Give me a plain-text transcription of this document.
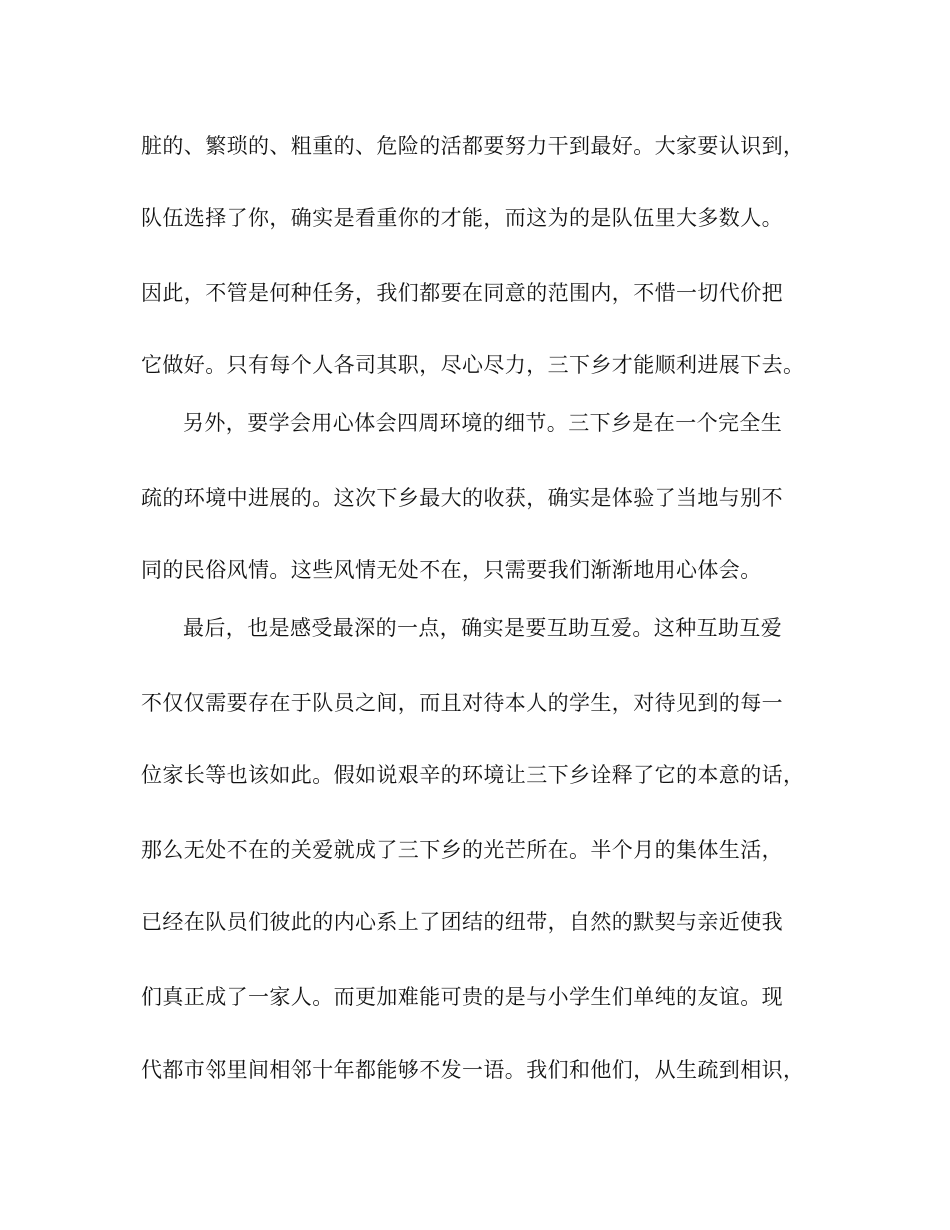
脏的、繁琐的、粗重的、危险的活都要努力干到最好。大家要认识到，
队伍选择了你，确实是看重你的才能，而这为的是队伍里大多数人。
因此，不管是何种任务，我们都要在同意的范围内，不惜一切代价把
它做好。只有每个人各司其职，尽心尽力，三下乡才能顺利进展下去。
另外，要学会用心体会四周环境的细节。三下乡是在一个完全生
疏的环境中进展的。这次下乡最大的收获，确实是体验了当地与别不
同的民俗风情。这些风情无处不在，只需要我们渐渐地用心体会。
最后，也是感受最深的一点，确实是要互助互爱。这种互助互爱
不仅仅需要存在于队员之间，而且对待本人的学生，对待见到的每一
位家长等也该如此。假如说艰辛的环境让三下乡诠释了它的本意的话，
那么无处不在的关爱就成了三下乡的光芒所在。半个月的集体生活，
已经在队员们彼此的内心系上了团结的纽带，自然的默契与亲近使我
们真正成了一家人。而更加难能可贵的是与小学生们单纯的友谊。现
代都市邻里间相邻十年都能够不发一语。我们和他们，从生疏到相识，
